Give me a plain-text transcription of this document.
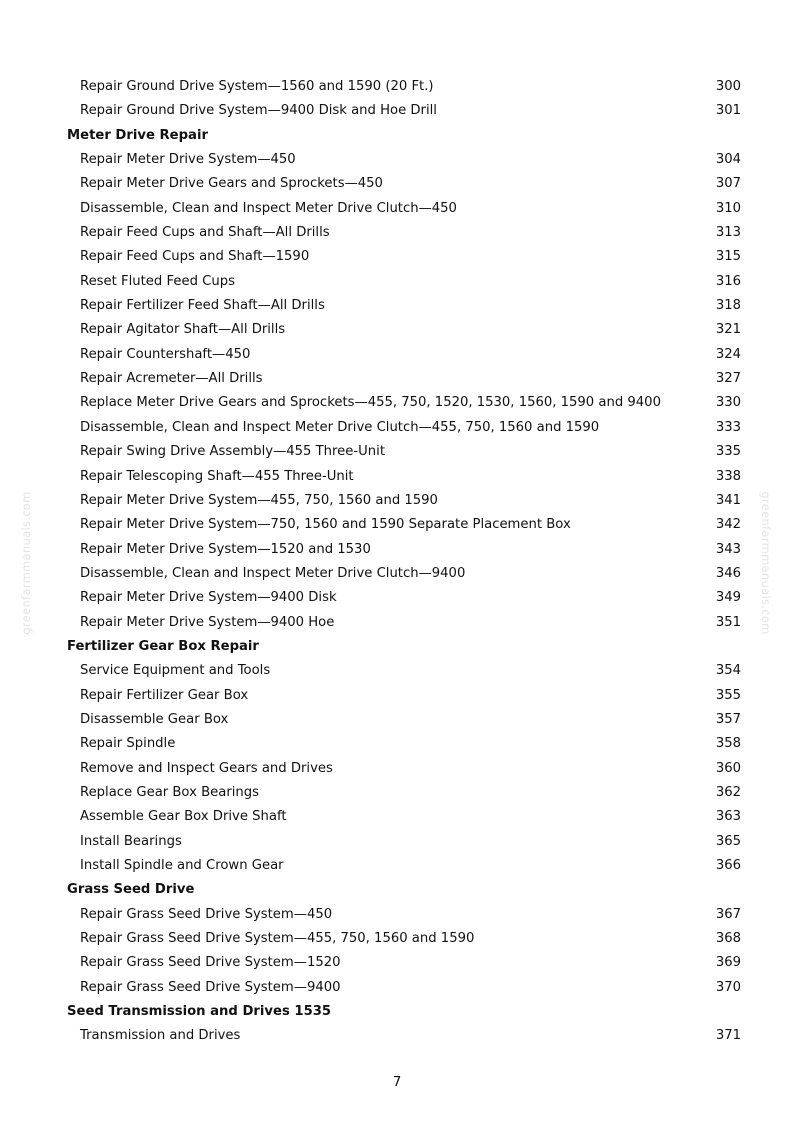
Repair Ground Drive System—1560 and 1590 (20 Ft.)	300
Repair Ground Drive System—9400 Disk and Hoe Drill	301
Meter Drive Repair
Repair Meter Drive System—450	304
Repair Meter Drive Gears and Sprockets—450	307
Disassemble, Clean and Inspect Meter Drive Clutch—450	310
Repair Feed Cups and Shaft—All Drills	313
Repair Feed Cups and Shaft—1590	315
Reset Fluted Feed Cups	316
Repair Fertilizer Feed Shaft—All Drills	318
Repair Agitator Shaft—All Drills	321
Repair Countershaft—450	324
Repair Acremeter—All Drills	327
Replace Meter Drive Gears and Sprockets—455, 750, 1520, 1530, 1560, 1590 and 9400	330
Disassemble, Clean and Inspect Meter Drive Clutch—455, 750, 1560 and 1590	333
Repair Swing Drive Assembly—455 Three-Unit	335
Repair Telescoping Shaft—455 Three-Unit	338
Repair Meter Drive System—455, 750, 1560 and 1590	341
Repair Meter Drive System—750, 1560 and 1590 Separate Placement Box	342
Repair Meter Drive System—1520 and 1530	343
Disassemble, Clean and Inspect Meter Drive Clutch—9400	346
Repair Meter Drive System—9400 Disk	349
Repair Meter Drive System—9400 Hoe	351
Fertilizer Gear Box Repair
Service Equipment and Tools	354
Repair Fertilizer Gear Box	355
Disassemble Gear Box	357
Repair Spindle	358
Remove and Inspect Gears and Drives	360
Replace Gear Box Bearings	362
Assemble Gear Box Drive Shaft	363
Install Bearings	365
Install Spindle and Crown Gear	366
Grass Seed Drive
Repair Grass Seed Drive System—450	367
Repair Grass Seed Drive System—455, 750, 1560 and 1590	368
Repair Grass Seed Drive System—1520	369
Repair Grass Seed Drive System—9400	370
Seed Transmission and Drives 1535
Transmission and Drives	371
7
greenfarmmanuals.com	greenfarmmanuals.com
